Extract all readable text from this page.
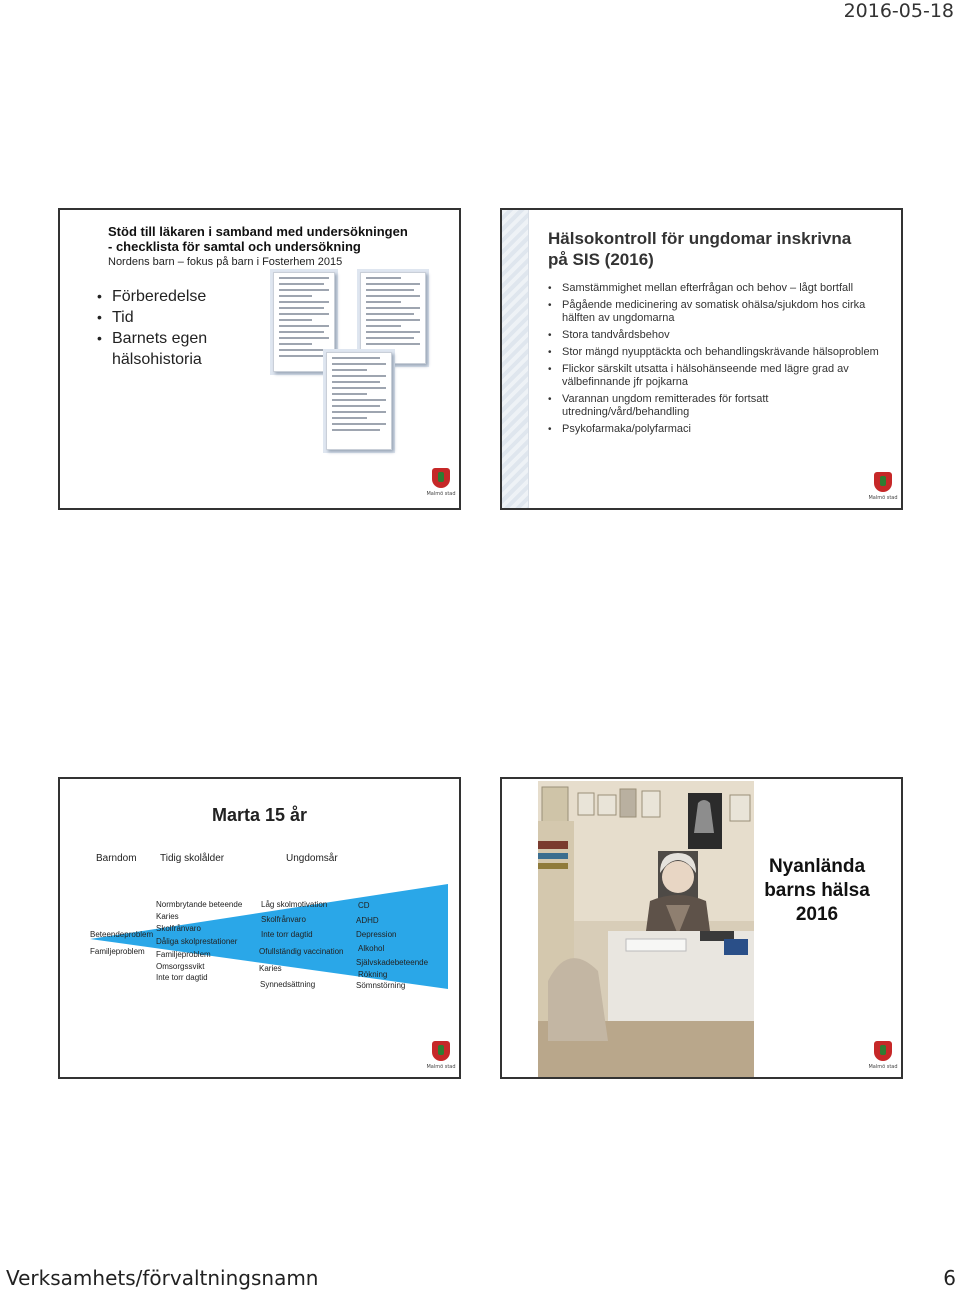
2016-05-18
Stöd till läkaren i samband med undersökningen
- checklista för samtal och undersökning
Nordens barn – fokus på barn i Fosterhem 2015
• Förberedelse
• Tid
• Barnets egen
hälsohistoria
Malmö stad
Hälsokontroll för ungdomar inskrivna
på SIS (2016)
• Samstämmighet mellan efterfrågan och behov – lågt bortfall
• Pågående medicinering av somatisk ohälsa/sjukdom hos cirka hälften av ungdomarna
• Stora tandvårdsbehov
• Stor mängd nyupptäckta och behandlingskrävande hälsoproblem
• Flickor särskilt utsatta i hälsohänseende med lägre grad av välbefinnande jfr pojkarna
• Varannan ungdom remitterades för fortsatt utredning/vård/behandling
• Psykofarmaka/polyfarmaci
Malmö stad
Marta 15 år
Barndom Tidig skolålder	Ungdomsår
Beteendeproblem
Familjeproblem
Normbrytande beteende
Karies
Skolfrånvaro
Dåliga skolprestationer
Familjeproblem
Omsorgssvikt
Inte torr dagtid
Låg skolmotivation
Skolfrånvaro
Inte torr dagtid
Ofullständig vaccination
Karies
Synnedsättning
CD
ADHD
Depression
Alkohol
Självskadebeteende
Rökning
Sömnstörning
Malmö stad
Nyanlända
barns hälsa
2016
Malmö stad
Verksamhets/förvaltningsnamn	6
